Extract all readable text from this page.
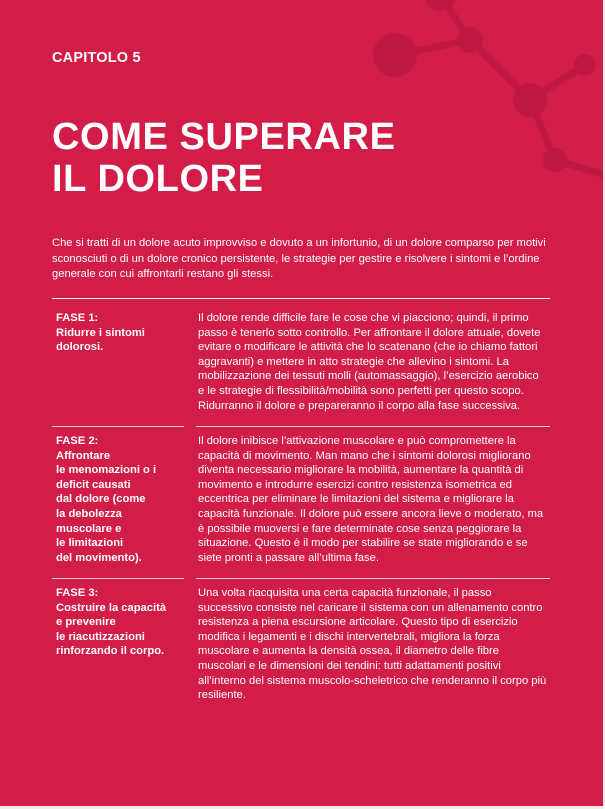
CAPITOLO 5

COME SUPERARE
IL DOLORE

Che si tratti di un dolore acuto improvviso e dovuto a un infortunio, di un dolore comparso per motivi sconosciuti o di un dolore cronico persistente, le strategie per gestire e risolvere i sintomi e l’ordine generale con cui affrontarli restano gli stessi.

FASE 1:
Ridurre i sintomi
dolorosi.

Il dolore rende difficile fare le cose che vi piacciono; quindi, il primo passo è tenerlo sotto controllo. Per affrontare il dolore attuale, dovete evitare o modificare le attività che lo scatenano (che io chiamo fattori aggravanti) e mettere in atto strategie che allevino i sintomi. La mobilizzazione dei tessuti molli (automassaggio), l’esercizio aerobico e le strategie di flessibilità/mobilità sono perfetti per questo scopo. Ridurranno il dolore e prepareranno il corpo alla fase successiva.

FASE 2:
Affrontare
le menomazioni o i
deficit causati
dal dolore (come
la debolezza
muscolare e
le limitazioni
del movimento).

Il dolore inibisce l’attivazione muscolare e può compromettere la capacità di movimento. Man mano che i sintomi dolorosi migliorano diventa necessario migliorare la mobilità, aumentare la quantità di movimento e introdurre esercizi contro resistenza isometrica ed eccentrica per eliminare le limitazioni del sistema e migliorare la capacità funzionale. Il dolore può essere ancora lieve o moderato, ma è possibile muoversi e fare determinate cose senza peggiorare la situazione. Questo è il modo per stabilire se state migliorando e se siete pronti a passare all’ultima fase.

FASE 3:
Costruire la capacità
e prevenire
le riacutizzazioni
rinforzando il corpo.

Una volta riacquisita una certa capacità funzionale, il passo successivo consiste nel caricare il sistema con un allenamento contro resistenza a piena escursione articolare. Questo tipo di esercizio modifica i legamenti e i dischi intervertebrali, migliora la forza muscolare e aumenta la densità ossea, il diametro delle fibre muscolari e le dimensioni dei tendini: tutti adattamenti positivi all’interno del sistema muscolo-scheletrico che renderanno il corpo più resiliente.
